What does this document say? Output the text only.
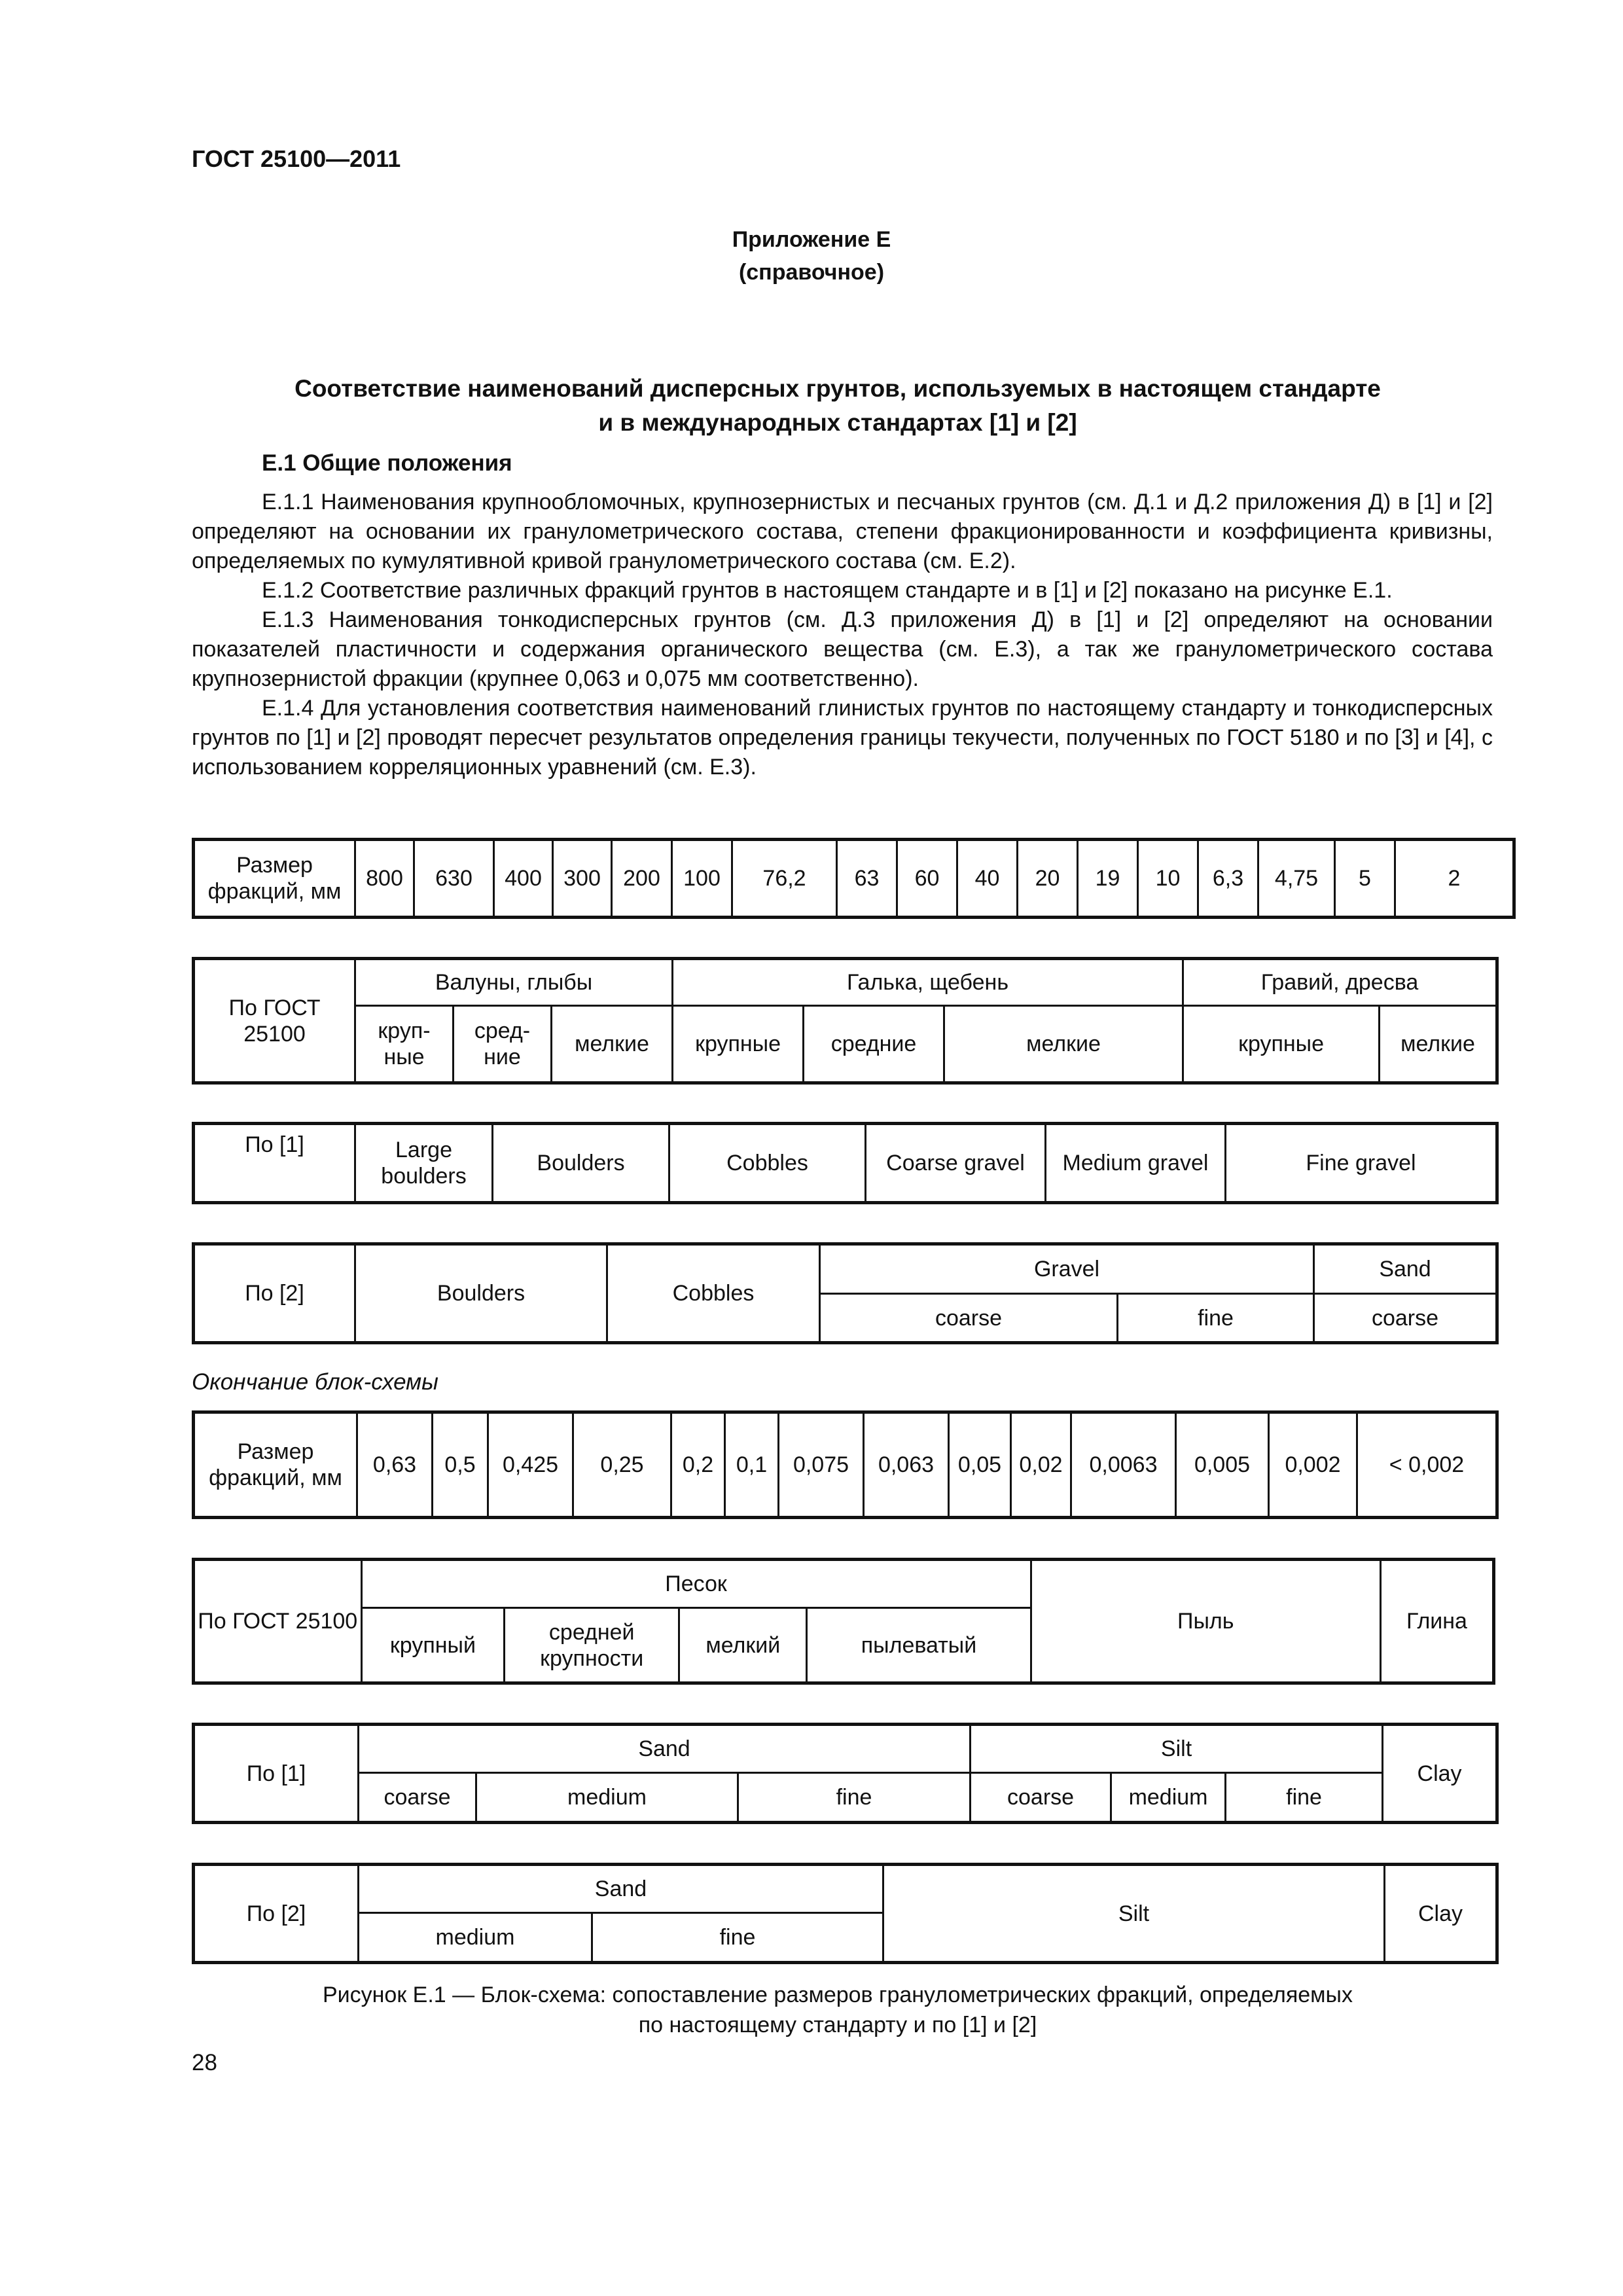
ГОСТ 25100—2011
Приложение Е
(справочное)
Соответствие наименований дисперсных грунтов, используемых в настоящем стандарте
и в международных стандартах [1] и [2]
Е.1 Общие положения

Е.1.1 Наименования крупнообломочных, крупнозернистых и песчаных грунтов (см. Д.1 и Д.2 приложения Д) в [1] и [2] определяют на основании их гранулометрического состава, степени фракционированности и коэффициента кривизны, определяемых по кумулятивной кривой гранулометрического состава (см. Е.2).

Е.1.2 Соответствие различных фракций грунтов в настоящем стандарте и в [1] и [2] показано на рисунке Е.1.

Е.1.3 Наименования тонкодисперсных грунтов (см. Д.3 приложения Д) в [1] и [2] определяют на основании показателей пластичности и содержания органического вещества (см. Е.3), а так же гранулометрического состава крупнозернистой фракции (крупнее 0,063 и 0,075 мм соответственно).

Е.1.4 Для установления соответствия наименований глинистых грунтов по настоящему стандарту и тонкодисперсных грунтов по [1] и [2] проводят пересчет результатов определения границы текучести, полученных по ГОСТ 5180 и по [3] и [4], с использованием корреляционных уравнений (см. Е.3).

Размер фракций, мм	800	630	400	300	200	100	76,2	63	60	40	20	19	10	6,3	4,75	5	2
По ГОСТ 25100	Валуны, глыбы			Галька, щебень			Гравий, дресва	
	круп-ные	сред-ние	мелкие	крупные	средние	мелкие	крупные	мелкие
По [1]	Large boulders	Boulders	Cobbles	Coarse gravel	Medium gravel	Fine gravel
По [2]	Boulders	Cobbles	Gravel		Sand
			coarse	fine	coarse
Окончание блок-схемы
Размер фракций, мм	0,63	0,5	0,425	0,25	0,2	0,1	0,075	0,063	0,05	0,02	0,0063	0,005	0,002	< 0,002
По ГОСТ 25100	Песок				Пыль	Глина
	крупный	средней крупности	мелкий	пылеватый		
По [1]	Sand			Silt			Clay
	coarse	medium	fine	coarse	medium	fine	
По [2]	Sand		Silt	Clay
	medium	fine		
Рисунок Е.1 — Блок-схема: сопоставление размеров гранулометрических фракций, определяемых
по настоящему стандарту и по [1] и [2]
28
